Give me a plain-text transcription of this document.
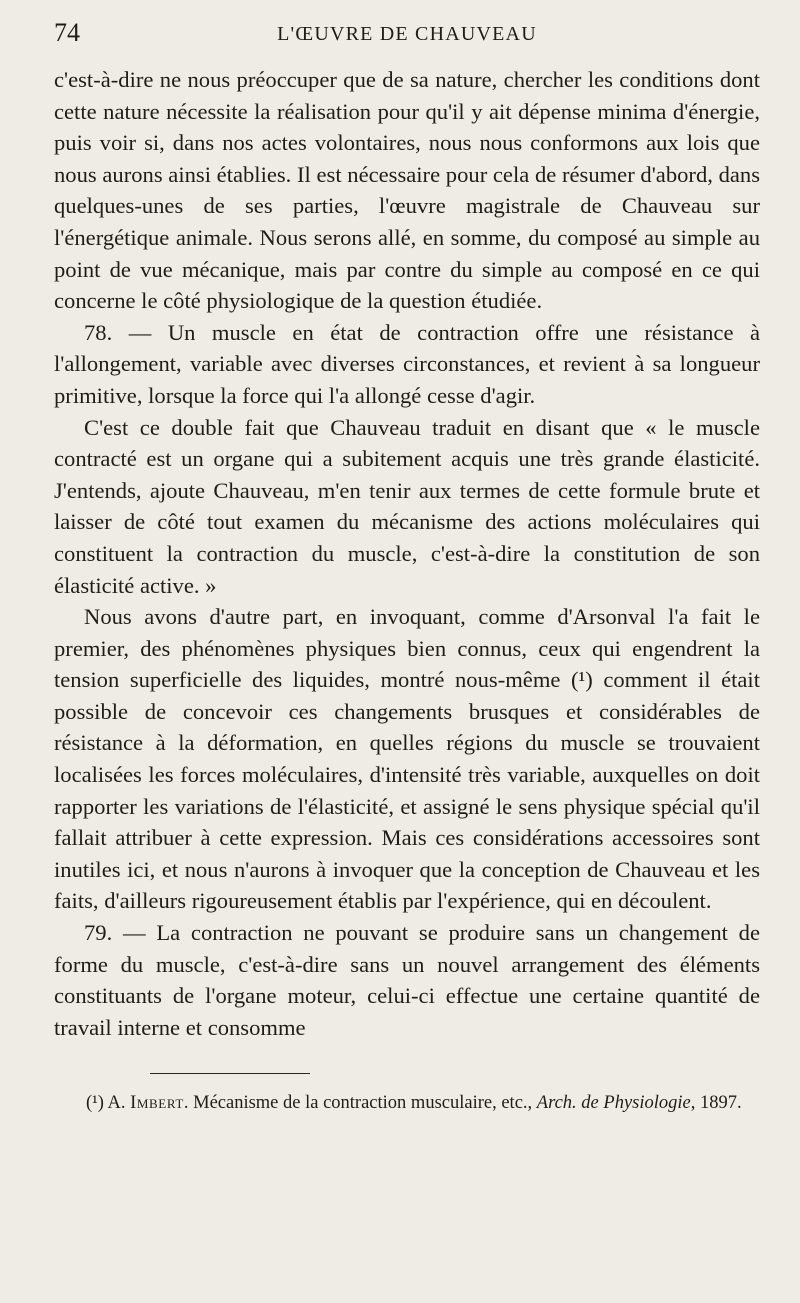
74	L'ŒUVRE DE CHAUVEAU

c'est-à-dire ne nous préoccuper que de sa nature, chercher les conditions dont cette nature nécessite la réalisation pour qu'il y ait dépense minima d'énergie, puis voir si, dans nos actes volontaires, nous nous conformons aux lois que nous aurons ainsi établies. Il est nécessaire pour cela de résumer d'abord, dans quelques-unes de ses parties, l'œuvre magistrale de Chauveau sur l'énergétique animale. Nous serons allé, en somme, du composé au simple au point de vue mécanique, mais par contre du simple au composé en ce qui concerne le côté physiologique de la question étudiée.

78. — Un muscle en état de contraction offre une résistance à l'allongement, variable avec diverses circonstances, et revient à sa longueur primitive, lorsque la force qui l'a allongé cesse d'agir.

C'est ce double fait que Chauveau traduit en disant que « le muscle contracté est un organe qui a subitement acquis une très grande élasticité. J'entends, ajoute Chauveau, m'en tenir aux termes de cette formule brute et laisser de côté tout examen du mécanisme des actions moléculaires qui constituent la contraction du muscle, c'est-à-dire la constitution de son élasticité active. »

Nous avons d'autre part, en invoquant, comme d'Arsonval l'a fait le premier, des phénomènes physiques bien connus, ceux qui engendrent la tension superficielle des liquides, montré nous-même (¹) comment il était possible de concevoir ces changements brusques et considérables de résistance à la déformation, en quelles régions du muscle se trouvaient localisées les forces moléculaires, d'intensité très variable, auxquelles on doit rapporter les variations de l'élasticité, et assigné le sens physique spécial qu'il fallait attribuer à cette expression. Mais ces considérations accessoires sont inutiles ici, et nous n'aurons à invoquer que la conception de Chauveau et les faits, d'ailleurs rigoureusement établis par l'expérience, qui en découlent.

79. — La contraction ne pouvant se produire sans un changement de forme du muscle, c'est-à-dire sans un nouvel arrangement des éléments constituants de l'organe moteur, celui-ci effectue une certaine quantité de travail interne et consomme

(¹) A. Imbert. Mécanisme de la contraction musculaire, etc., Arch. de Physiologie, 1897.
